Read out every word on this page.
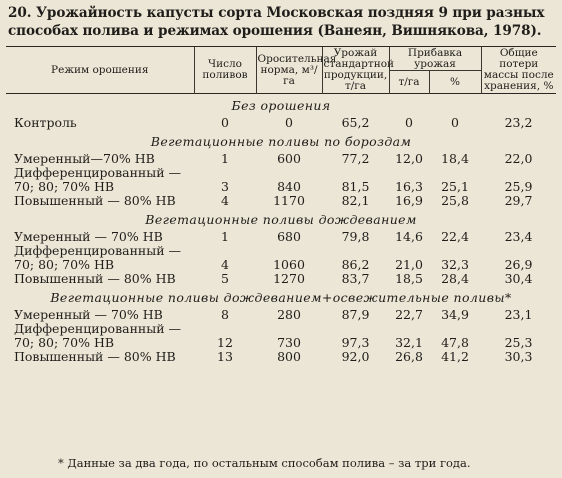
20. Урожайность капусты сорта Московская поздняя 9 при разных способах полива и режимах орошения (Ванеян, Вишнякова, 1978).
Режим орошения	Число поливов	Оросительная норма, м³/га	Урожай стандартной продукции, т/га	Прибавка урожая		Общие потери массы после хранения, %
				т/га	%	
Без орошения						
Контроль	0	0	65,2	0	0	23,2
Вегетационные поливы по бороздам						
Умеренный—70% НВ	1	600	77,2	12,0	18,4	22,0
Дифференцированный —						
70; 80; 70% НВ	3	840	81,5	16,3	25,1	25,9
Повышенный — 80% НВ	4	1170	82,1	16,9	25,8	29,7
Вегетационные поливы дождеванием						
Умеренный — 70% НВ	1	680	79,8	14,6	22,4	23,4
Дифференцированный —						
70; 80; 70% НВ	4	1060	86,2	21,0	32,3	26,9
Повышенный — 80% НВ	5	1270	83,7	18,5	28,4	30,4
Вегетационные поливы дождеванием+освежительные поливы*						
Умеренный — 70% НВ	8	280	87,9	22,7	34,9	23,1
Дифференцированный —						
70; 80; 70% НВ	12	730	97,3	32,1	47,8	25,3
Повышенный — 80% НВ	13	800	92,0	26,8	41,2	30,3
* Данные за два года, по остальным способам полива – за три года.
